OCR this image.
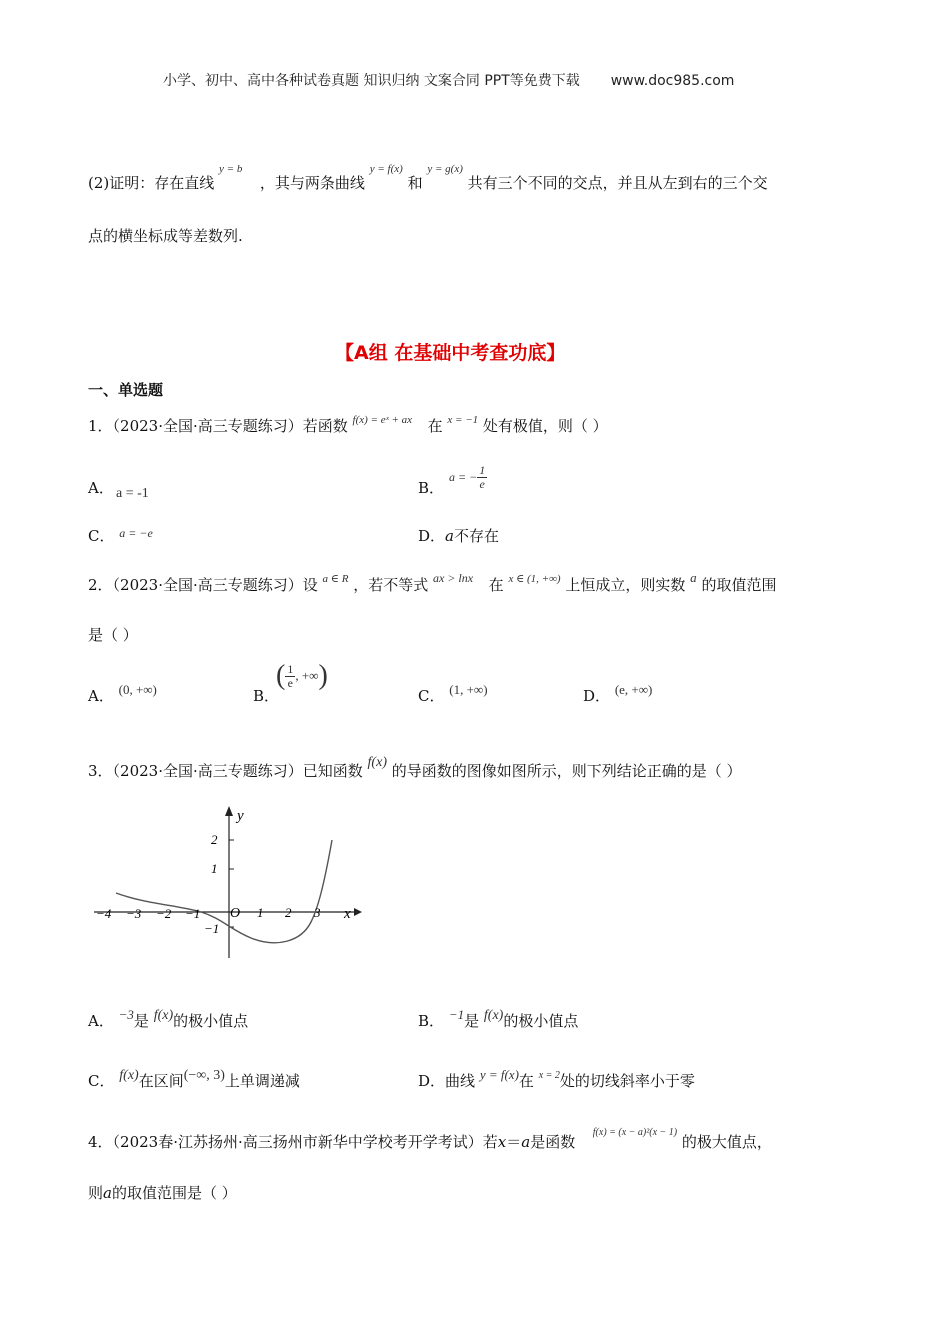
小学、初中、高中各种试卷真题 知识归纳 文案合同 PPT等免费下载 www.doc985.com
(2)证明：存在直线 $^{y = b}$  ，其与两条曲线 $^{y = f(x)}$ 和 $^{y = g(x)}$ 共有三个不同的交点，并且从左到右的三个交
点的横坐标成等差数列.
【A组 在基础中考查功底】
一、单选题
1．（2023·全国·高三专题练习）若函数 $^{f(x) = eˣ + ax}$ 在 $^{x = -1}$ 处有极值，则（ ）
A． a = -1	B．
a = − $\frac{1}{e}$
C． $^{a = -e}$	D．a不存在
2．（2023·全国·高三专题练习）设 $^{a \in R}$ ，若不等式 $^{ax > lnx}$ 在 $^{x \in (1, +\infty)}$ 上恒成立，则实数 a 的取值范围
是（ ）
A． (0, +∞)	B．
( $\frac{1}{e}$ , +∞)
C． (1, +∞)	D． (e, +∞)
3．（2023·全国·高三专题练习）已知函数 f(x) 的导函数的图像如图所示，则下列结论正确的是（ ）
−4 −3 −2 −1	1 2 3
2
1
−1
O	x
y
A． −3是 f(x)的极小值点	B． −1是 f(x)的极小值点
C． f(x)在区间(−∞, 3)上单调递减	D．曲线 y = f(x)在 $^{x = 2}$处的切线斜率小于零
4．（2023春·江苏扬州·高三扬州市新华中学校考开学考试）若x＝a是函数  $^{f(x) = (x - a)^2(x - 1)}$ 的极大值点，
则a的取值范围是（ ）
